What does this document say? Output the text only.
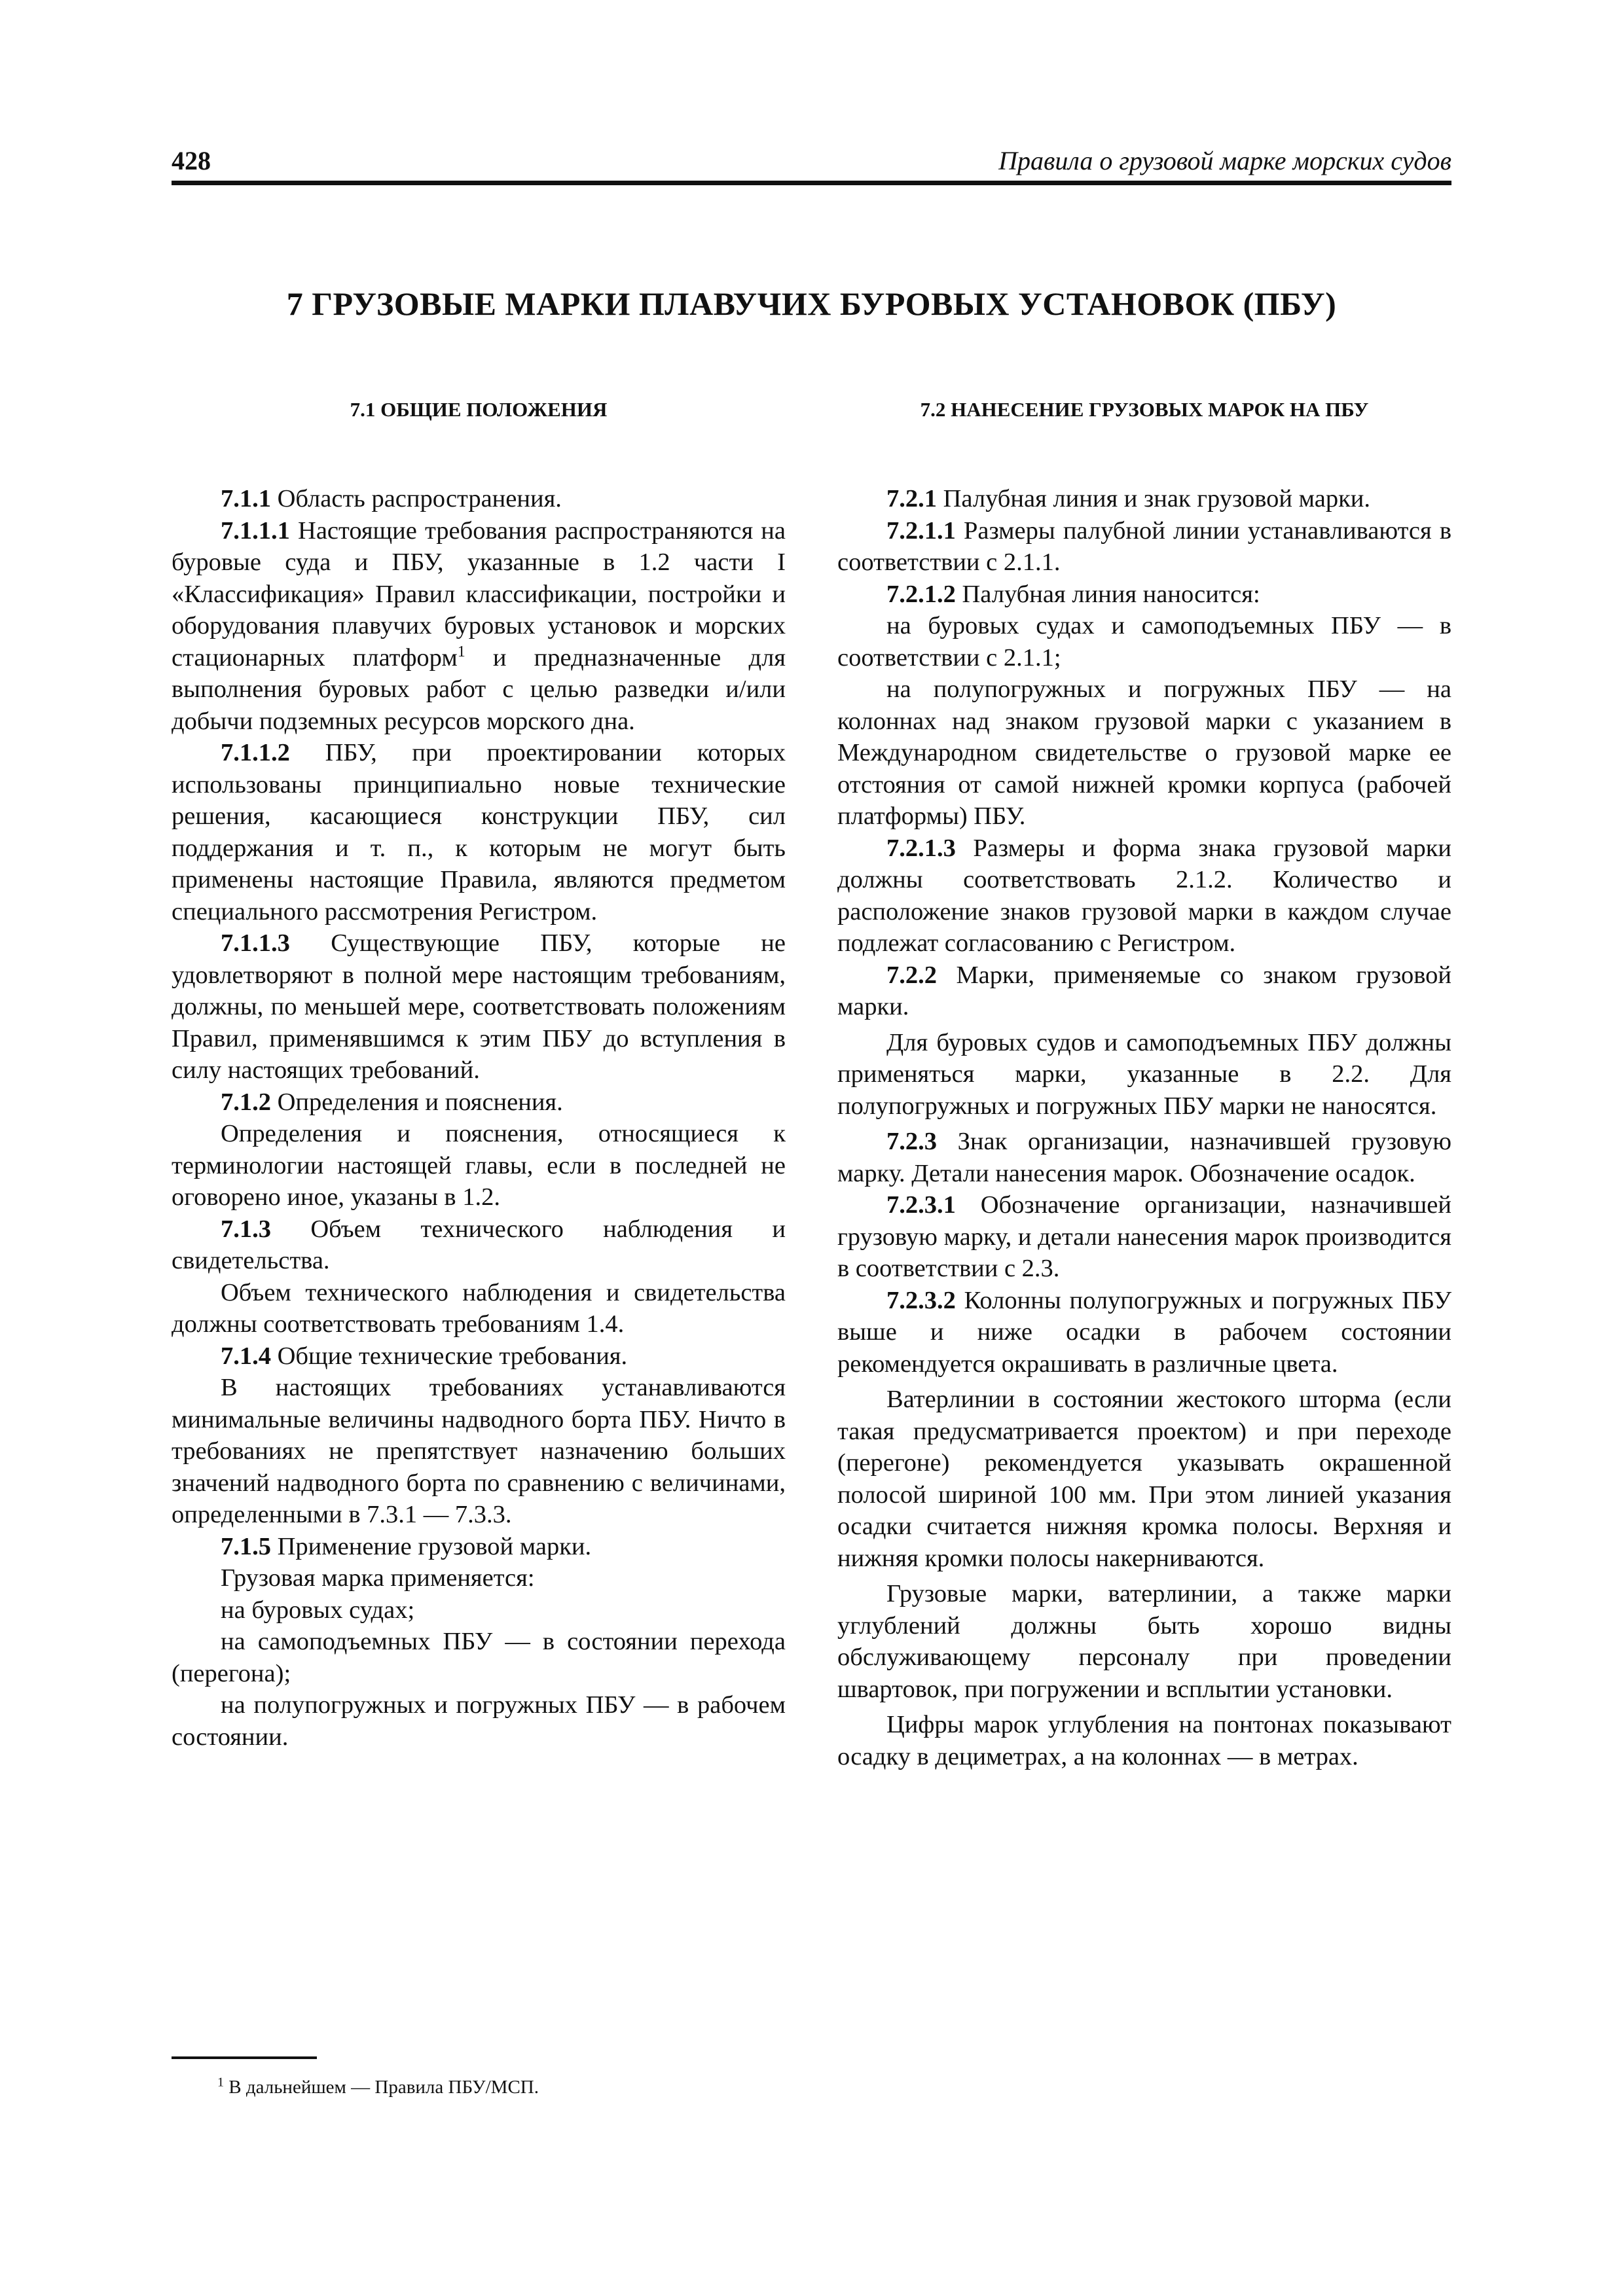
428	Правила о грузовой марке морских судов
7 ГРУЗОВЫЕ МАРКИ ПЛАВУЧИХ БУРОВЫХ УСТАНОВОК (ПБУ)
7.1 ОБЩИЕ ПОЛОЖЕНИЯ

7.1.1 Область распространения.

7.1.1.1 Настоящие требования распространяются на буровые суда и ПБУ, указанные в 1.2 части I «Классификация» Правил классификации, постройки и оборудования плавучих буровых установок и морских стационарных платформ$^1$ и предназначенные для выполнения буровых работ с целью разведки и/или добычи подземных ресурсов морского дна.

7.1.1.2 ПБУ, при проектировании которых использованы принципиально новые технические решения, касающиеся конструкции ПБУ, сил поддержания и т. п., к которым не могут быть применены настоящие Правила, являются предметом специального рассмотрения Регистром.

7.1.1.3 Существующие ПБУ, которые не удовлетворяют в полной мере настоящим требованиям, должны, по меньшей мере, соответствовать положениям Правил, применявшимся к этим ПБУ до вступления в силу настоящих требований.

7.1.2 Определения и пояснения.

Определения и пояснения, относящиеся к терминологии настоящей главы, если в последней не оговорено иное, указаны в 1.2.

7.1.3 Объем технического наблюдения и свидетельства.

Объем технического наблюдения и свидетельства должны соответствовать требованиям 1.4.

7.1.4 Общие технические требования.

В настоящих требованиях устанавливаются минимальные величины надводного борта ПБУ. Ничто в требованиях не препятствует назначению больших значений надводного борта по сравнению с величинами, определенными в 7.3.1 — 7.3.3.

7.1.5 Применение грузовой марки.

Грузовая марка применяется:

на буровых судах;

на самоподъемных ПБУ — в состоянии перехода (перегона);

на полупогружных и погружных ПБУ — в рабочем состоянии.

7.2 НАНЕСЕНИЕ ГРУЗОВЫХ МАРОК НА ПБУ

7.2.1 Палубная линия и знак грузовой марки.

7.2.1.1 Размеры палубной линии устанавливаются в соответствии с 2.1.1.

7.2.1.2 Палубная линия наносится:

на буровых судах и самоподъемных ПБУ — в соответствии с 2.1.1;

на полупогружных и погружных ПБУ — на колоннах над знаком грузовой марки с указанием в Международном свидетельстве о грузовой марке ее отстояния от самой нижней кромки корпуса (рабочей платформы) ПБУ.

7.2.1.3 Размеры и форма знака грузовой марки должны соответствовать 2.1.2. Количество и расположение знаков грузовой марки в каждом случае подлежат согласованию с Регистром.

7.2.2 Марки, применяемые со знаком грузовой марки.

Для буровых судов и самоподъемных ПБУ должны применяться марки, указанные в 2.2. Для полупогружных и погружных ПБУ марки не наносятся.

7.2.3 Знак организации, назначившей грузовую марку. Детали нанесения марок. Обозначение осадок.

7.2.3.1 Обозначение организации, назначившей грузовую марку, и детали нанесения марок производится в соответствии с 2.3.

7.2.3.2 Колонны полупогружных и погружных ПБУ выше и ниже осадки в рабочем состоянии рекомендуется окрашивать в различные цвета.

Ватерлинии в состоянии жестокого шторма (если такая предусматривается проектом) и при переходе (перегоне) рекомендуется указывать окрашенной полосой шириной 100 мм. При этом линией указания осадки считается нижняя кромка полосы. Верхняя и нижняя кромки полосы накерниваются.

Грузовые марки, ватерлинии, а также марки углублений должны быть хорошо видны обслуживающему персоналу при проведении швартовок, при погружении и всплытии установки.

Цифры марок углубления на понтонах показывают осадку в дециметрах, а на колоннах — в метрах.

$^1$ В дальнейшем — Правила ПБУ/МСП.
